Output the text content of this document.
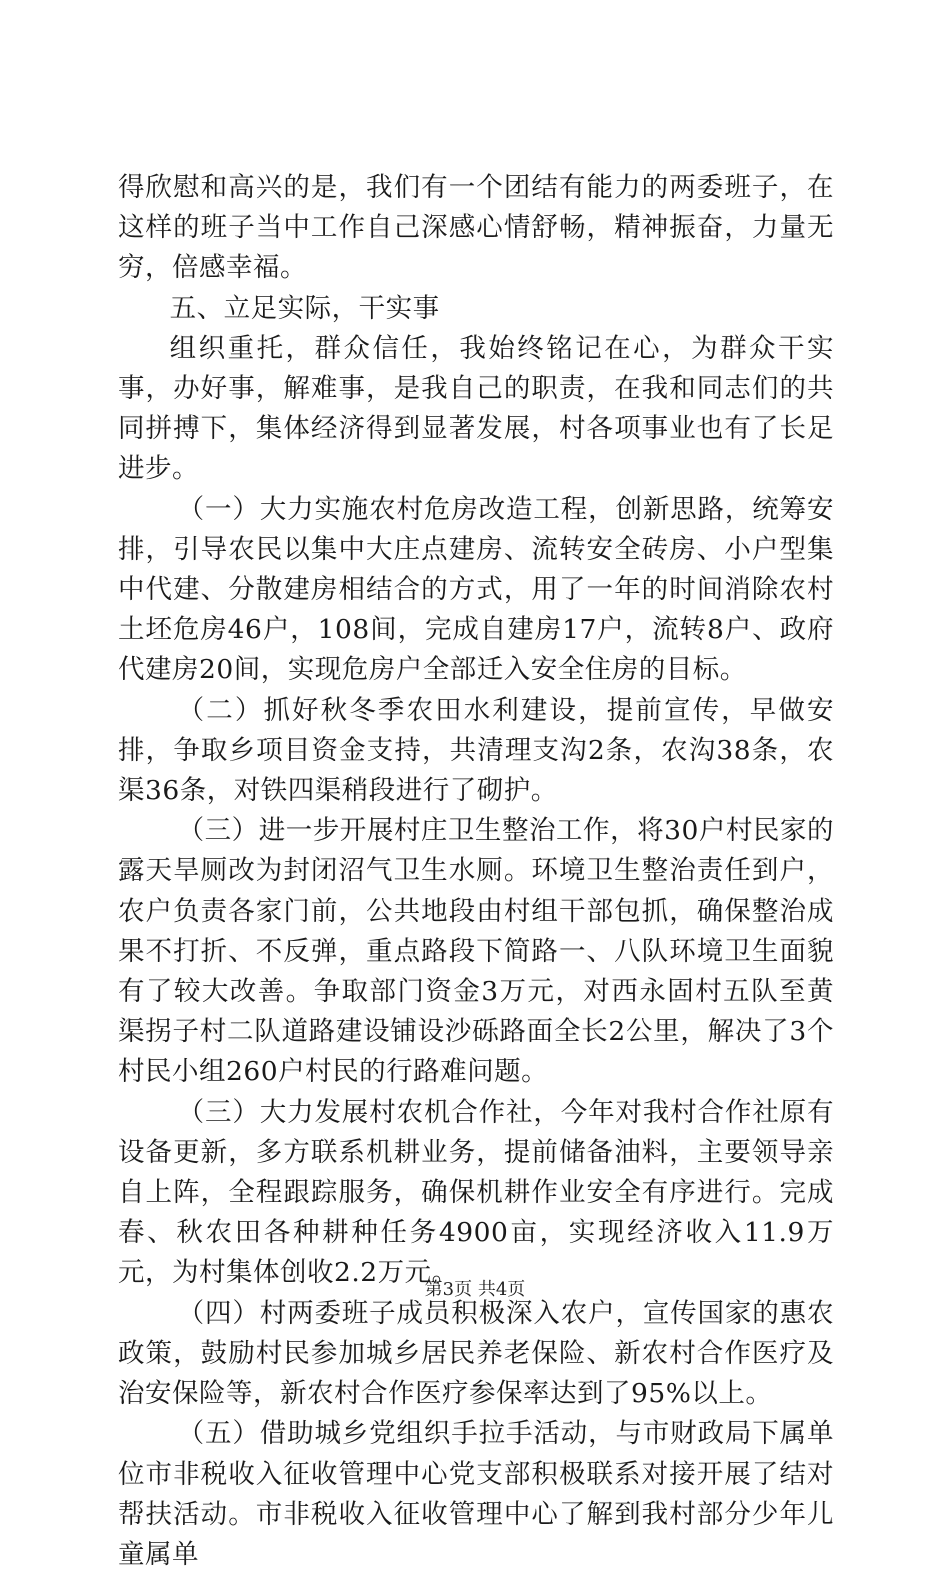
得欣慰和高兴的是，我们有一个团结有能力的两委班子，在这样的班子当中工作自己深感心情舒畅，精神振奋，力量无穷，倍感幸福。

五、立足实际，干实事

组织重托，群众信任，我始终铭记在心，为群众干实事，办好事，解难事，是我自己的职责，在我和同志们的共同拼搏下，集体经济得到显著发展，村各项事业也有了长足进步。

（一）大力实施农村危房改造工程，创新思路，统筹安排，引导农民以集中大庄点建房、流转安全砖房、小户型集中代建、分散建房相结合的方式，用了一年的时间消除农村土坯危房46户，108间，完成自建房17户，流转8户、政府代建房20间，实现危房户全部迁入安全住房的目标。

（二）抓好秋冬季农田水利建设，提前宣传，早做安排，争取乡项目资金支持，共清理支沟2条，农沟38条，农渠36条，对铁四渠稍段进行了砌护。

（三）进一步开展村庄卫生整治工作，将30户村民家的露天旱厕改为封闭沼气卫生水厕。环境卫生整治责任到户，农户负责各家门前，公共地段由村组干部包抓，确保整治成果不打折、不反弹，重点路段下简路一、八队环境卫生面貌有了较大改善。争取部门资金3万元，对西永固村五队至黄渠拐子村二队道路建设铺设沙砾路面全长2公里，解决了3个村民小组260户村民的行路难问题。

（三）大力发展村农机合作社，今年对我村合作社原有设备更新，多方联系机耕业务，提前储备油料，主要领导亲自上阵，全程跟踪服务，确保机耕作业安全有序进行。完成春、秋农田各种耕种任务4900亩，实现经济收入11.9万元，为村集体创收2.2万元。

（四）村两委班子成员积极深入农户，宣传国家的惠农政策，鼓励村民参加城乡居民养老保险、新农村合作医疗及治安保险等，新农村合作医疗参保率达到了95%以上。

（五）借助城乡党组织手拉手活动，与市财政局下属单位市非税收入征收管理中心党支部积极联系对接开展了结对帮扶活动。市非税收入征收管理中心了解到我村部分少年儿童属单

第3页 共4页
